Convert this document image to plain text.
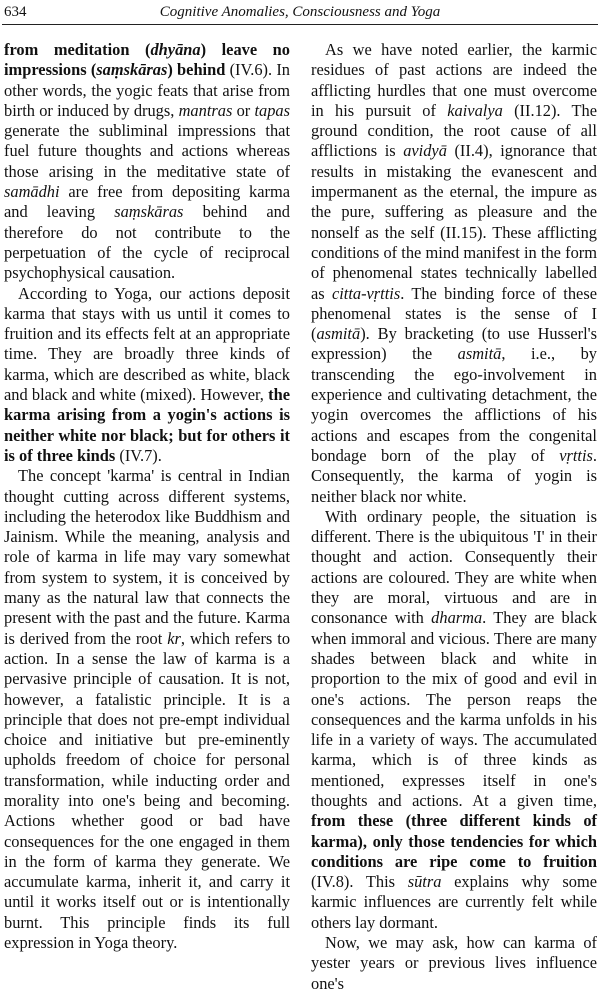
634	Cognitive Anomalies, Consciousness and Yoga

from meditation (dhyāna) leave no impressions (saṃskāras) behind (IV.6). In other words, the yogic feats that arise from birth or induced by drugs, mantras or tapas generate the subliminal impressions that fuel future thoughts and actions whereas those arising in the meditative state of samādhi are free from depositing karma and leaving saṃskāras behind and therefore do not contribute to the perpetuation of the cycle of reciprocal psychophysical causation.

According to Yoga, our actions deposit karma that stays with us until it comes to fruition and its effects felt at an appropriate time. They are broadly three kinds of karma, which are described as white, black and black and white (mixed). However, the karma arising from a yogin's actions is neither white nor black; but for others it is of three kinds (IV.7).

The concept 'karma' is central in Indian thought cutting across different systems, including the heterodox like Buddhism and Jainism. While the meaning, analysis and role of karma in life may vary somewhat from system to system, it is conceived by many as the natural law that connects the present with the past and the future. Karma is derived from the root kr, which refers to action. In a sense the law of karma is a pervasive principle of causation. It is not, however, a fatalistic principle. It is a principle that does not pre-empt individual choice and initiative but pre-eminently upholds freedom of choice for personal transformation, while inducting order and morality into one's being and becoming. Actions whether good or bad have consequences for the one engaged in them in the form of karma they generate. We accumulate karma, inherit it, and carry it until it works itself out or is intentionally burnt. This principle finds its full expression in Yoga theory.

As we have noted earlier, the karmic residues of past actions are indeed the afflicting hurdles that one must overcome in his pursuit of kaivalya (II.12). The ground condition, the root cause of all afflictions is avidyā (II.4), ignorance that results in mistaking the evanescent and impermanent as the eternal, the impure as the pure, suffering as pleasure and the nonself as the self (II.15). These afflicting conditions of the mind manifest in the form of phenomenal states technically labelled as citta-vṛttis. The binding force of these phenomenal states is the sense of I (asmitā). By bracketing (to use Husserl's expression) the asmitā, i.e., by transcending the ego-involvement in experience and cultivating detachment, the yogin overcomes the afflictions of his actions and escapes from the congenital bondage born of the play of vṛttis. Consequently, the karma of yogin is neither black nor white.

With ordinary people, the situation is different. There is the ubiquitous 'I' in their thought and action. Consequently their actions are coloured. They are white when they are moral, virtuous and are in consonance with dharma. They are black when immoral and vicious. There are many shades between black and white in proportion to the mix of good and evil in one's actions. The person reaps the consequences and the karma unfolds in his life in a variety of ways. The accumulated karma, which is of three kinds as mentioned, expresses itself in one's thoughts and actions. At a given time, from these (three different kinds of karma), only those tendencies for which conditions are ripe come to fruition (IV.8). This sūtra explains why some karmic influences are currently felt while others lay dormant.

Now, we may ask, how can karma of yester years or previous lives influence one's
